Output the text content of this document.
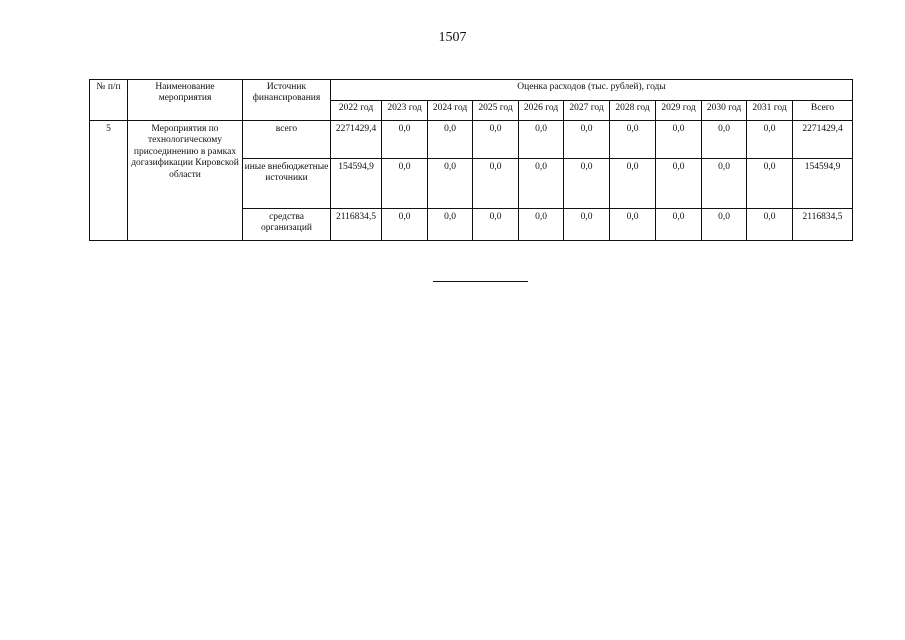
1507
№ п/п	Наименование мероприятия	Источник финансирования	Оценка расходов (тыс. рублей), годы										
			2022 год	2023 год	2024 год	2025 год	2026 год	2027 год	2028 год	2029 год	2030 год	2031 год	Всего
5	Мероприятия по технологическому присоединению в рамках догазификации Кировской области	всего	2271429,4	0,0	0,0	0,0	0,0	0,0	0,0	0,0	0,0	0,0	2271429,4
		иные внебюджетные источники	154594,9	0,0	0,0	0,0	0,0	0,0	0,0	0,0	0,0	0,0	154594,9
		средства организаций	2116834,5	0,0	0,0	0,0	0,0	0,0	0,0	0,0	0,0	0,0	2116834,5
